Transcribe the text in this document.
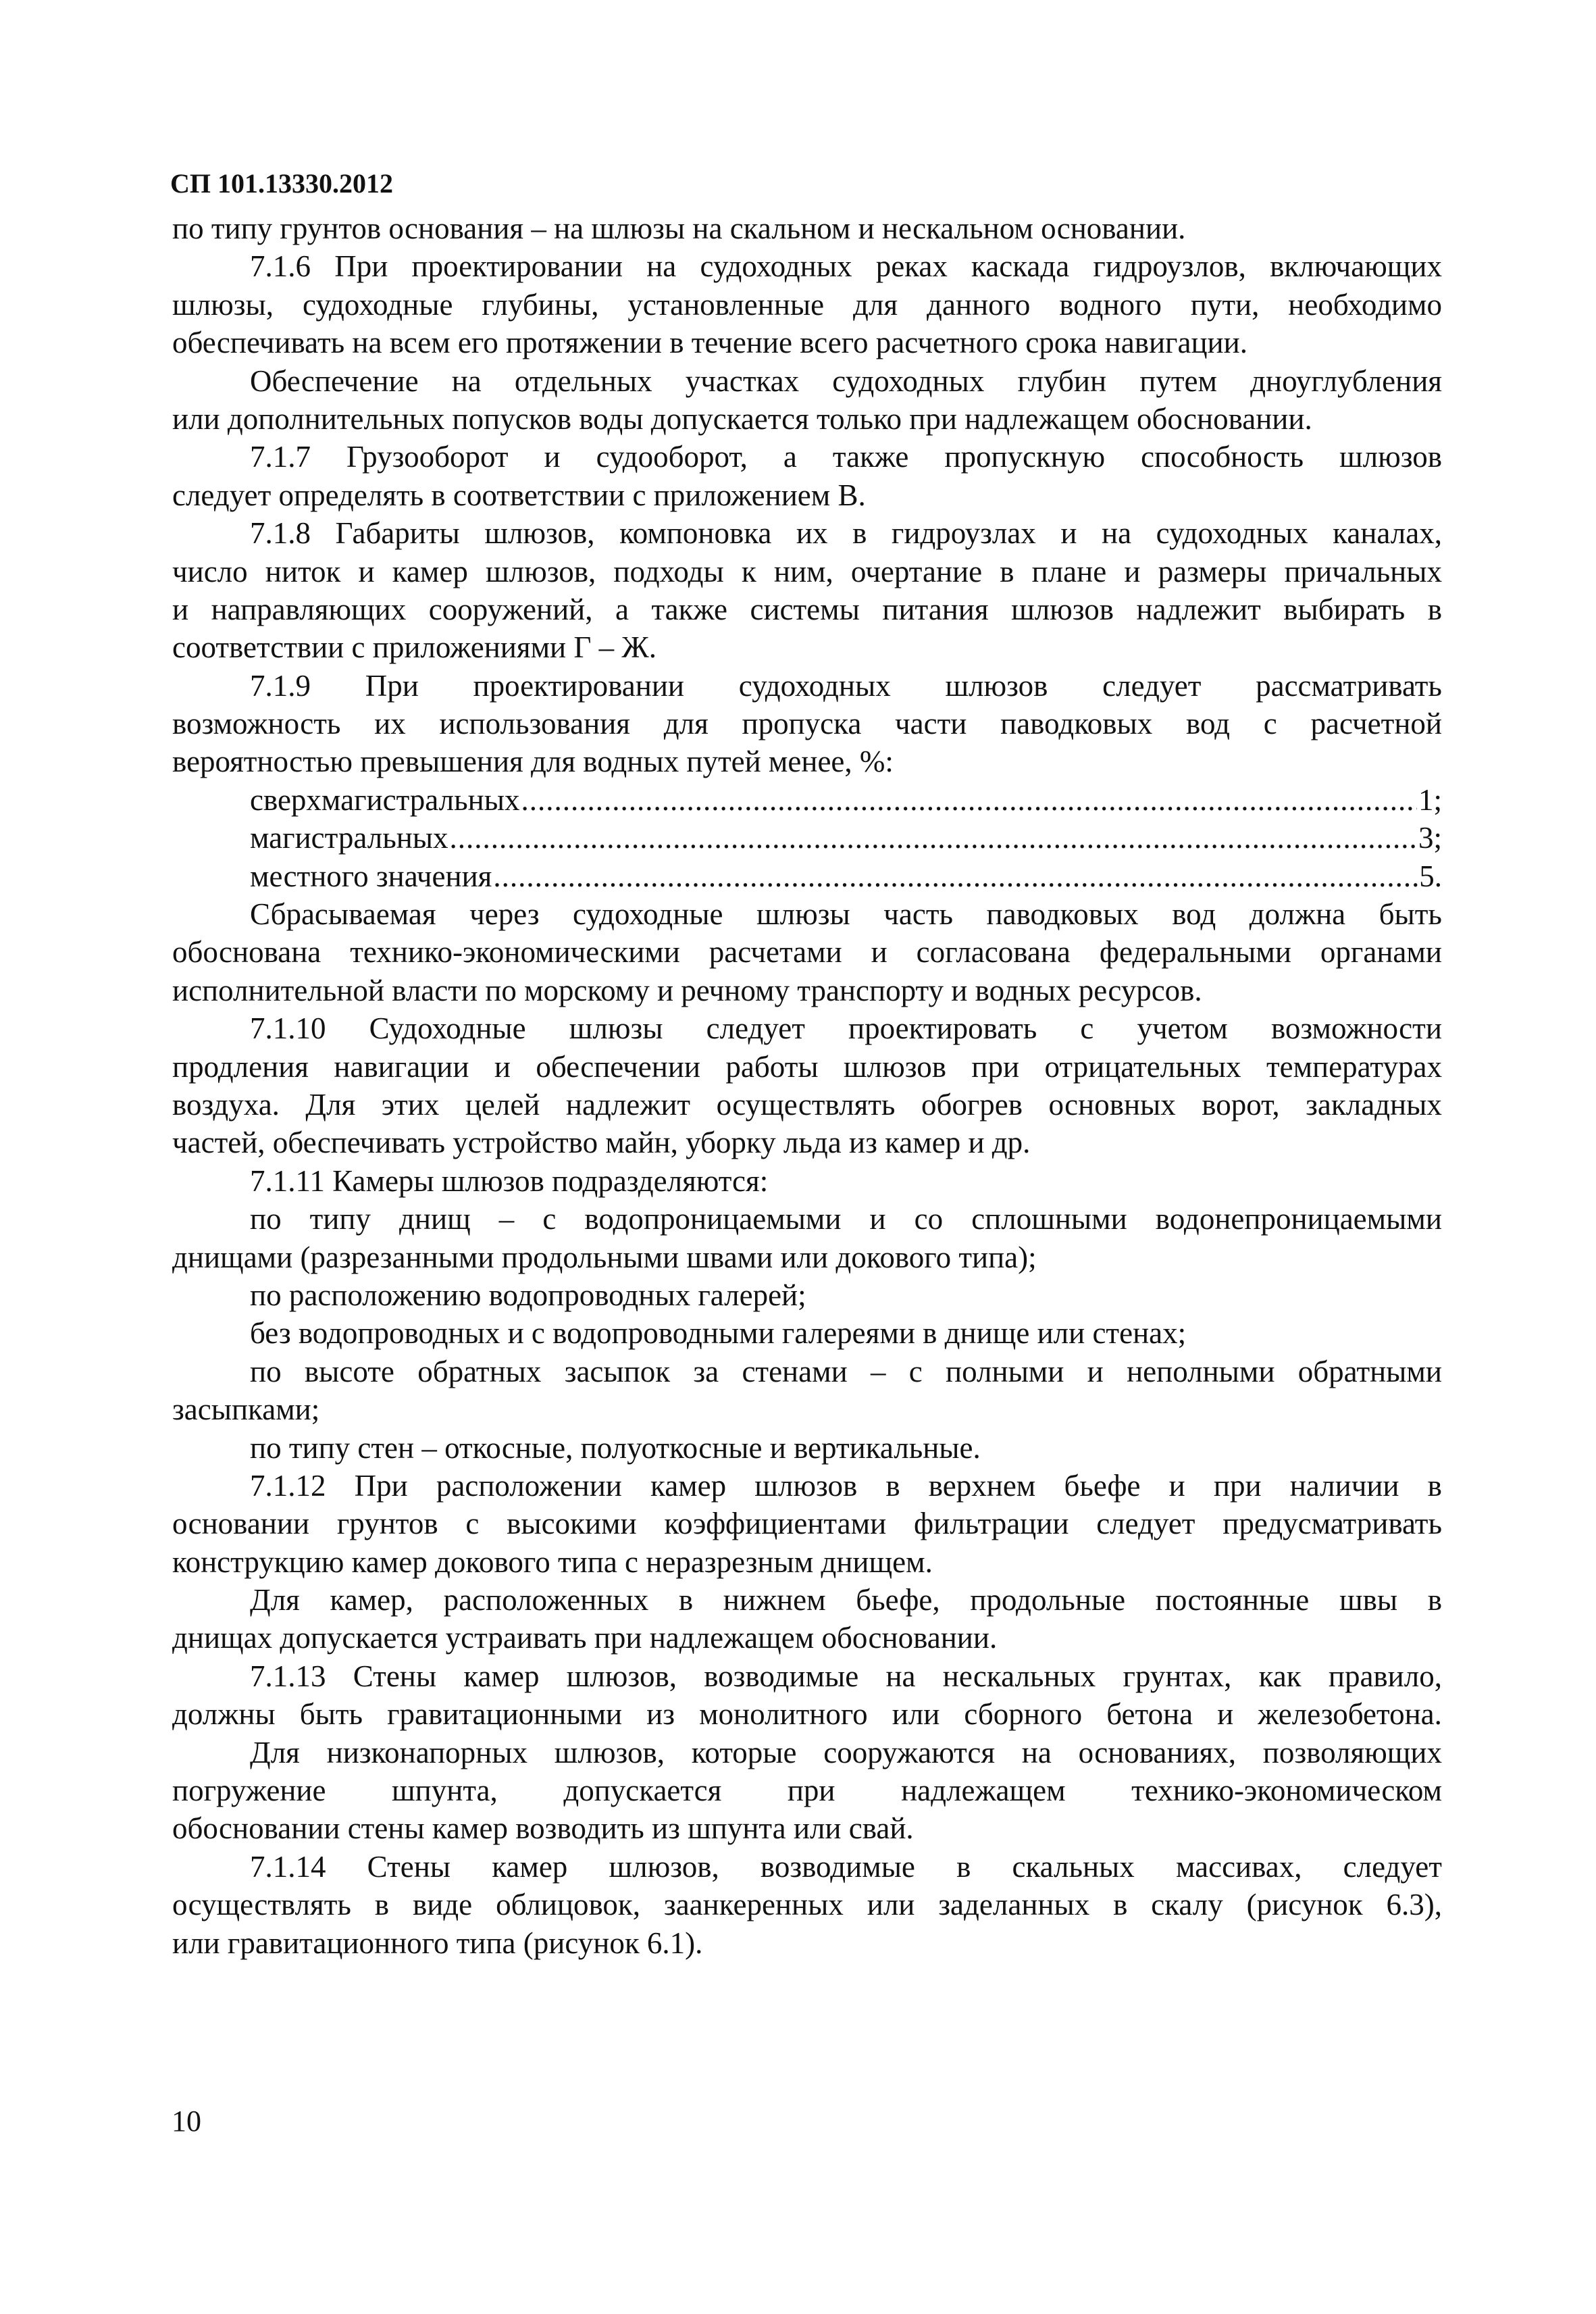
СП 101.13330.2012
по типу грунтов основания – на шлюзы на скальном и нескальном основании.
7.1.6 При проектировании на судоходных реках каскада гидроузлов, включающих
шлюзы, судоходные глубины, установленные для данного водного пути, необходимо
обеспечивать на всем его протяжении в течение всего расчетного срока навигации.
Обеспечение на отдельных участках судоходных глубин путем дноуглубления
или дополнительных попусков воды допускается только при надлежащем обосновании.
7.1.7 Грузооборот и судооборот, а также пропускную способность шлюзов
следует определять в соответствии с приложением В.
7.1.8 Габариты шлюзов, компоновка их в гидроузлах и на судоходных каналах,
число ниток и камер шлюзов, подходы к ним, очертание в плане и размеры причальных
и направляющих сооружений, а также системы питания шлюзов надлежит выбирать в
соответствии с приложениями Г – Ж.
7.1.9 При проектировании судоходных шлюзов следует рассматривать
возможность их использования для пропуска части паводковых вод с расчетной
вероятностью превышения для водных путей менее, %:
сверхмагистральных .....	1;
магистральных .....	3;
местного значения .....	5.
Сбрасываемая через судоходные шлюзы часть паводковых вод должна быть
обоснована технико-экономическими расчетами и согласована федеральными органами
исполнительной власти по морскому и речному транспорту и водных ресурсов.
7.1.10 Судоходные шлюзы следует проектировать с учетом возможности
продления навигации и обеспечении работы шлюзов при отрицательных температурах
воздуха. Для этих целей надлежит осуществлять обогрев основных ворот, закладных
частей, обеспечивать устройство майн, уборку льда из камер и др.
7.1.11 Камеры шлюзов подразделяются:
по типу днищ – с водопроницаемыми и со сплошными водонепроницаемыми
днищами (разрезанными продольными швами или докового типа);
по расположению водопроводных галерей;
без водопроводных и с водопроводными галереями в днище или стенах;
по высоте обратных засыпок за стенами – с полными и неполными обратными
засыпками;
по типу стен – откосные, полуоткосные и вертикальные.
7.1.12 При расположении камер шлюзов в верхнем бьефе и при наличии в
основании грунтов с высокими коэффициентами фильтрации следует предусматривать
конструкцию камер докового типа с неразрезным днищем.
Для камер, расположенных в нижнем бьефе, продольные постоянные швы в
днищах допускается устраивать при надлежащем обосновании.
7.1.13 Стены камер шлюзов, возводимые на нескальных грунтах, как правило,
должны быть гравитационными из монолитного или сборного бетона и железобетона.
Для низконапорных шлюзов, которые сооружаются на основаниях, позволяющих
погружение шпунта, допускается при надлежащем технико-экономическом
обосновании стены камер возводить из шпунта или свай.
7.1.14 Стены камер шлюзов, возводимые в скальных массивах, следует
осуществлять в виде облицовок, заанкеренных или заделанных в скалу (рисунок 6.3),
или гравитационного типа (рисунок 6.1).
10
